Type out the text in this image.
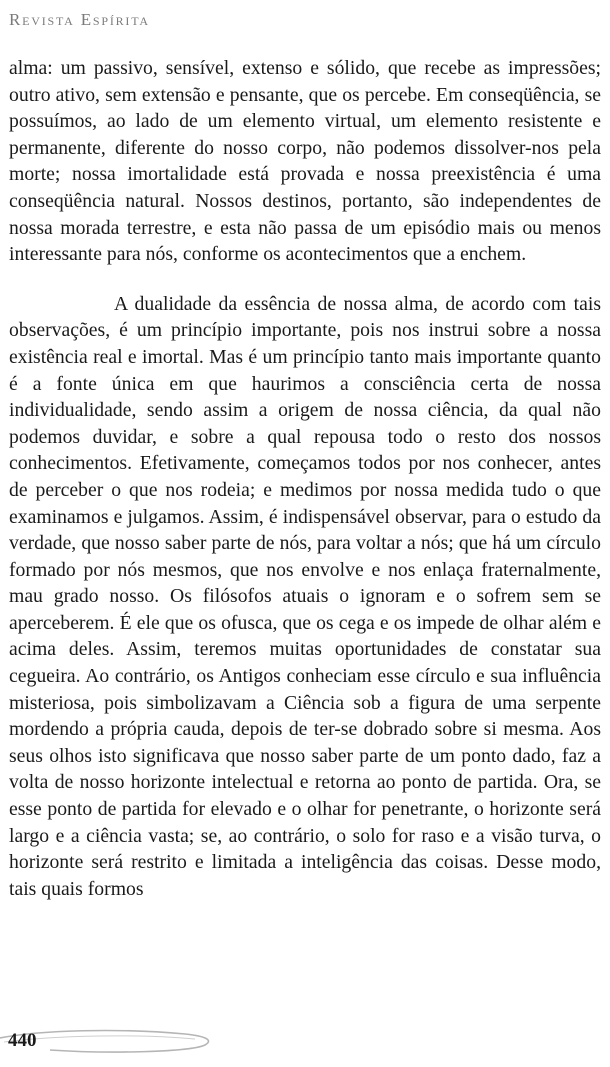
Revista Espírita

alma: um passivo, sensível, extenso e sólido, que recebe as impressões; outro ativo, sem extensão e pensante, que os percebe. Em conseqüência, se possuímos, ao lado de um elemento virtual, um elemento resistente e permanente, diferente do nosso corpo, não podemos dissolver-nos pela morte; nossa imortalidade está provada e nossa preexistência é uma conseqüência natural. Nossos destinos, portanto, são independentes de nossa morada terrestre, e esta não passa de um episódio mais ou menos interessante para nós, conforme os acontecimentos que a enchem.

A dualidade da essência de nossa alma, de acordo com tais observações, é um princípio importante, pois nos instrui sobre a nossa existência real e imortal. Mas é um princípio tanto mais importante quanto é a fonte única em que haurimos a consciência certa de nossa individualidade, sendo assim a origem de nossa ciência, da qual não podemos duvidar, e sobre a qual repousa todo o resto dos nossos conhecimentos. Efetivamente, começamos todos por nos conhecer, antes de perceber o que nos rodeia; e medimos por nossa medida tudo o que examinamos e julgamos. Assim, é indispensável observar, para o estudo da verdade, que nosso saber parte de nós, para voltar a nós; que há um círculo formado por nós mesmos, que nos envolve e nos enlaça fraternalmente, mau grado nosso. Os filósofos atuais o ignoram e o sofrem sem se aperceberem. É ele que os ofusca, que os cega e os impede de olhar além e acima deles. Assim, teremos muitas oportunidades de constatar sua cegueira. Ao contrário, os Antigos conheciam esse círculo e sua influência misteriosa, pois simbolizavam a Ciência sob a figura de uma serpente mordendo a própria cauda, depois de ter-se dobrado sobre si mesma. Aos seus olhos isto significava que nosso saber parte de um ponto dado, faz a volta de nosso horizonte intelectual e retorna ao ponto de partida. Ora, se esse ponto de partida for elevado e o olhar for penetrante, o horizonte será largo e a ciência vasta; se, ao contrário, o solo for raso e a visão turva, o horizonte será restrito e limitada a inteligência das coisas. Desse modo, tais quais formos

440
